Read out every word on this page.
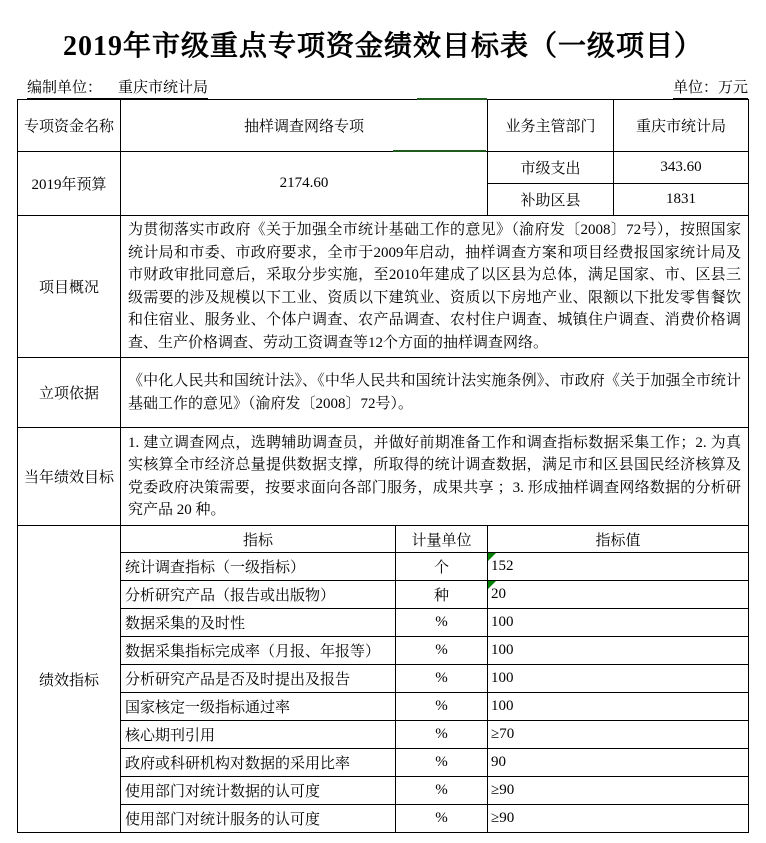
2019年市级重点专项资金绩效目标表（一级项目）
编制单位： 重庆市统计局	单位：万元
专项资金名称	抽样调查网络专项		业务主管部门	重庆市统计局
2019年预算	2174.60		市级支出	343.60
			补助区县	1831
项目概况	为贯彻落实市政府《关于加强全市统计基础工作的意见》（渝府发〔2008〕72号），按照国家统计局和市委、市政府要求，全市于2009年启动，抽样调查方案和项目经费报国家统计局及市财政审批同意后，采取分步实施，至2010年建成了以区县为总体，满足国家、市、区县三级需要的涉及规模以下工业、资质以下建筑业、资质以下房地产业、限额以下批发零售餐饮和住宿业、服务业、个体户调查、农产品调查、农村住户调查、城镇住户调查、消费价格调查、生产价格调查、劳动工资调查等12个方面的抽样调查网络。			
立项依据	《中化人民共和国统计法》、《中华人民共和国统计法实施条例》、市政府《关于加强全市统计基础工作的意见》（渝府发〔2008〕72号）。			
当年绩效目标	1. 建立调查网点，选聘辅助调查员，并做好前期准备工作和调查指标数据采集工作；2. 为真实核算全市经济总量提供数据支撑，所取得的统计调查数据，满足市和区县国民经济核算及党委政府决策需要，按要求面向各部门服务，成果共享 ；3. 形成抽样调查网络数据的分析研究产品 20 种。			
绩效指标	指标	计量单位	指标值	
	统计调查指标（一级指标）	个	152	
	分析研究产品（报告或出版物）	种	20	
	数据采集的及时性	%	100	
	数据采集指标完成率（月报、年报等）	%	100	
	分析研究产品是否及时提出及报告	%	100	
	国家核定一级指标通过率	%	100	
	核心期刊引用	%	≥70	
	政府或科研机构对数据的采用比率	%	90	
	使用部门对统计数据的认可度	%	≥90	
	使用部门对统计服务的认可度	%	≥90	
